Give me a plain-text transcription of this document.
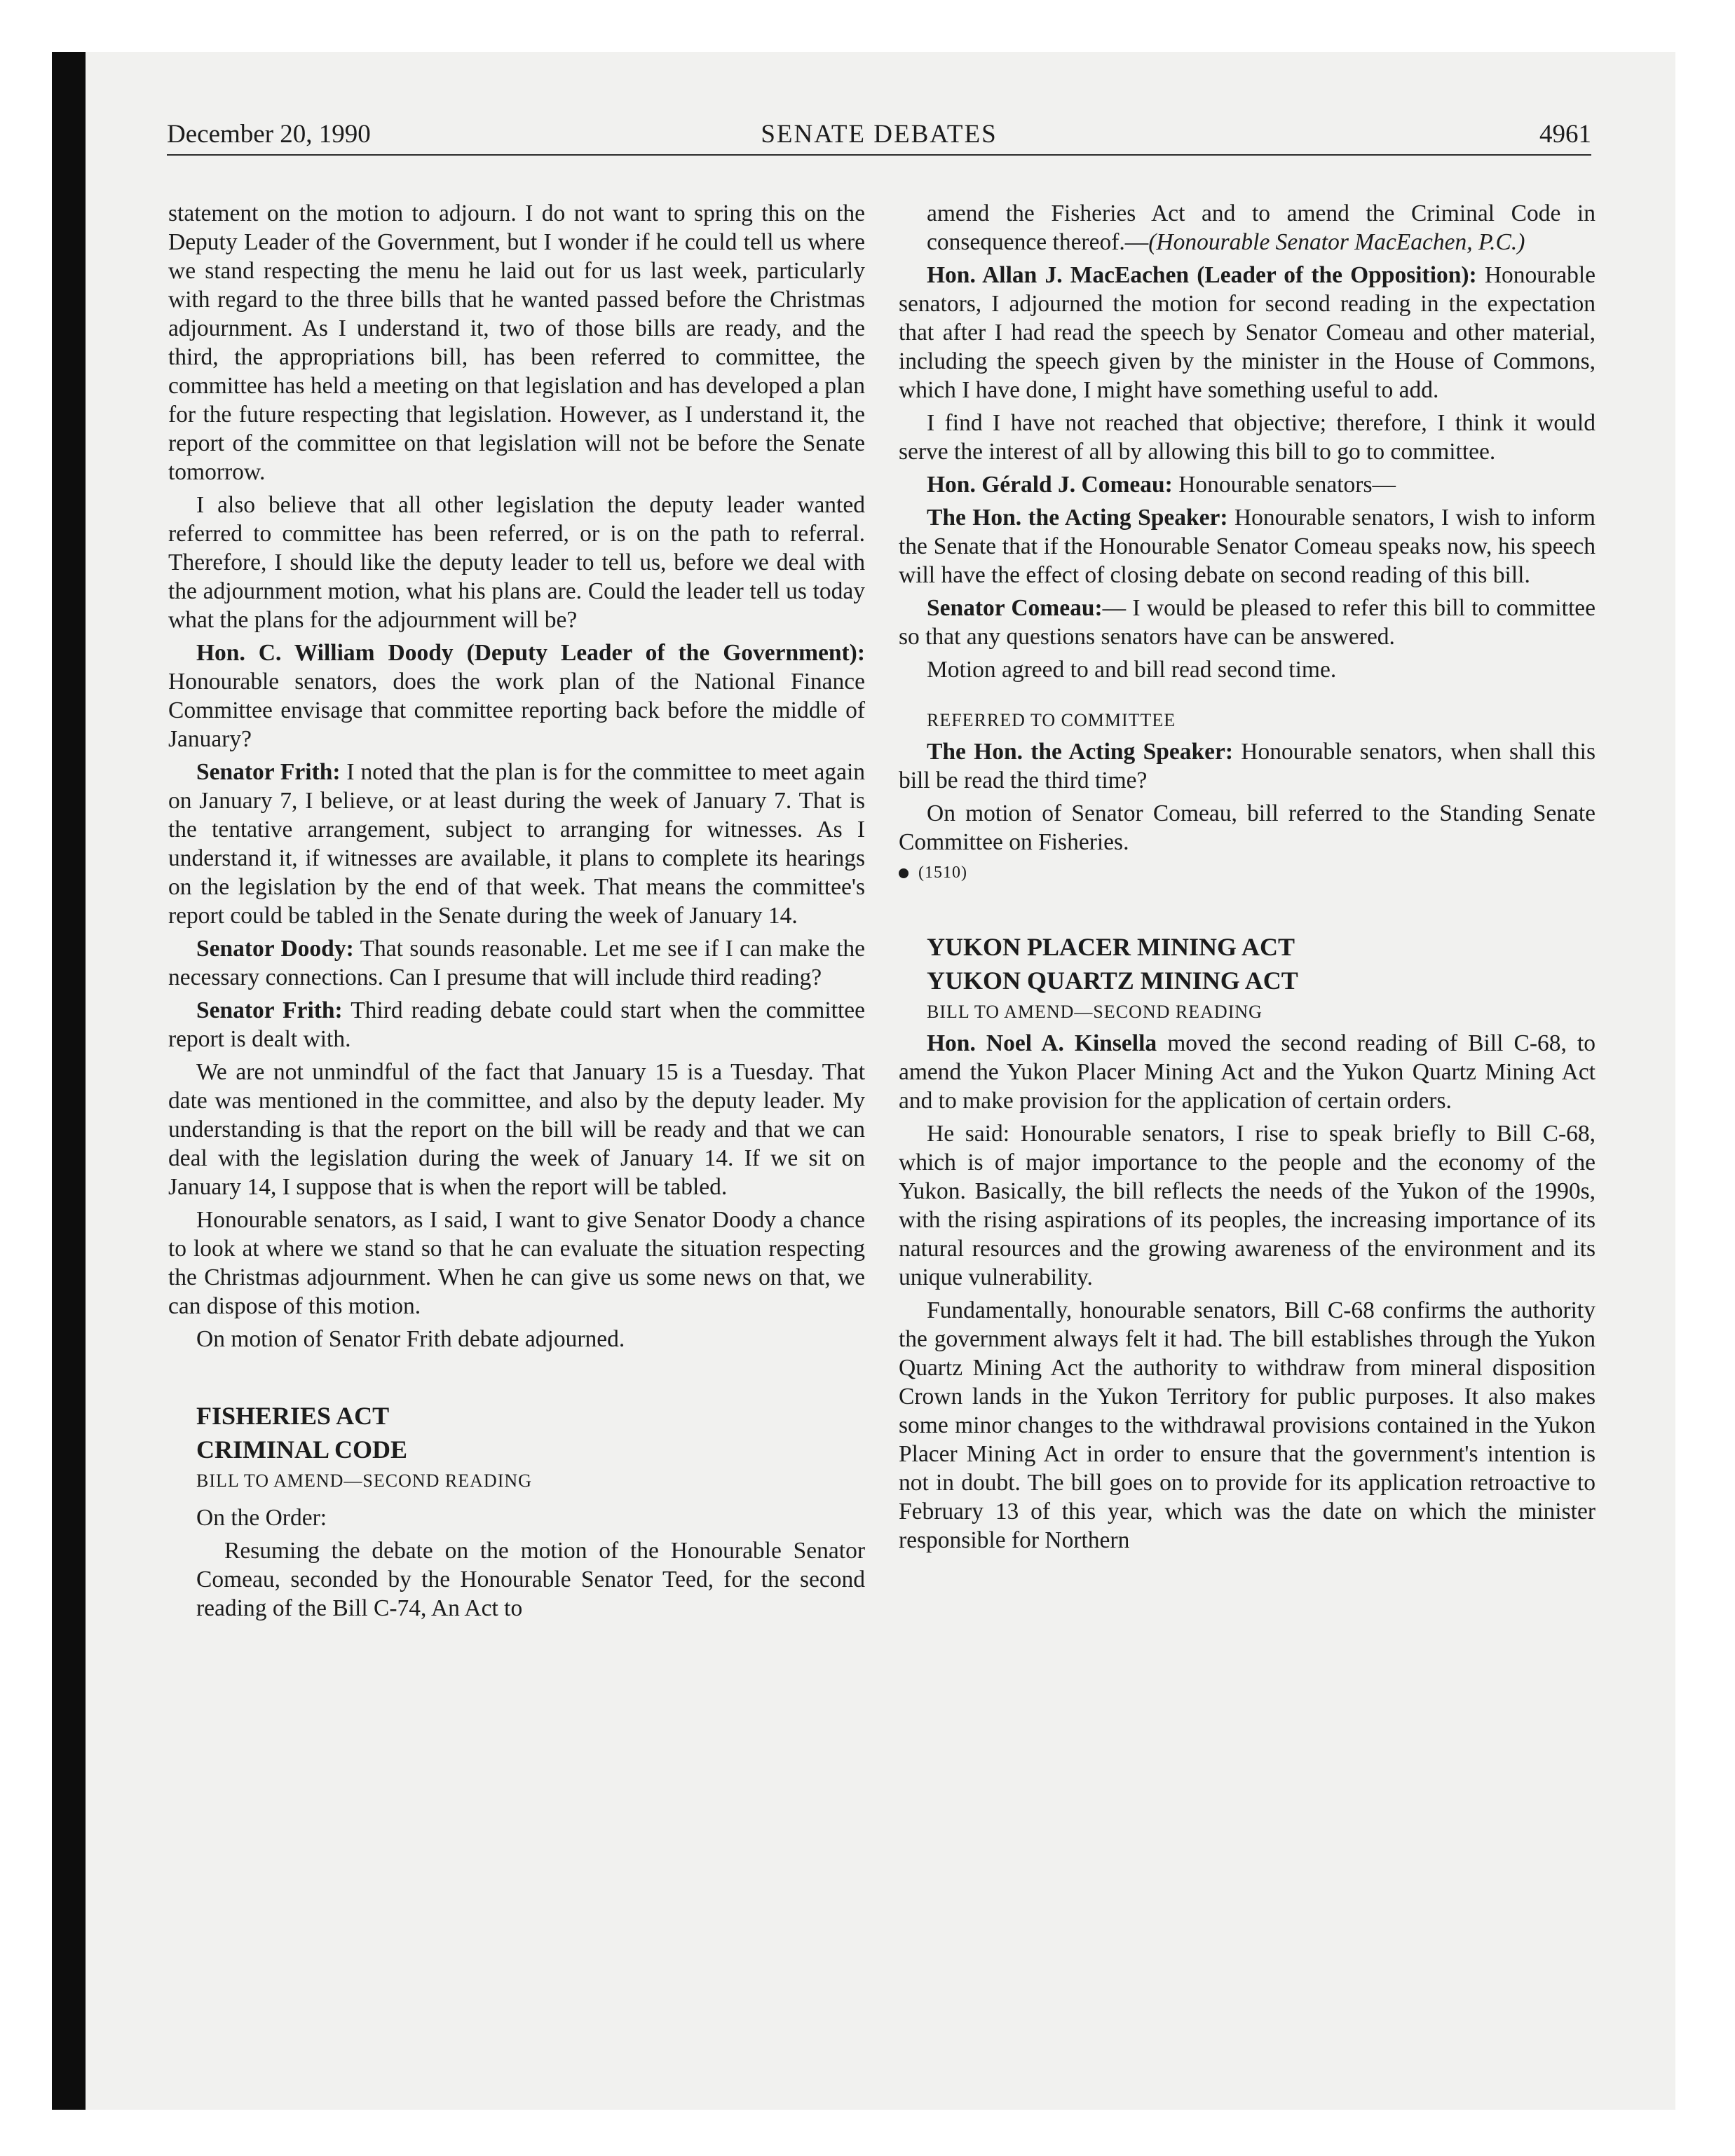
December 20, 1990	SENATE DEBATES	4961

statement on the motion to adjourn. I do not want to spring this on the Deputy Leader of the Government, but I wonder if he could tell us where we stand respecting the menu he laid out for us last week, particularly with regard to the three bills that he wanted passed before the Christmas adjournment. As I understand it, two of those bills are ready, and the third, the appropriations bill, has been referred to committee, the committee has held a meeting on that legislation and has developed a plan for the future respecting that legislation. However, as I understand it, the report of the committee on that legislation will not be before the Senate tomorrow.

I also believe that all other legislation the deputy leader wanted referred to committee has been referred, or is on the path to referral. Therefore, I should like the deputy leader to tell us, before we deal with the adjournment motion, what his plans are. Could the leader tell us today what the plans for the adjournment will be?

Hon. C. William Doody (Deputy Leader of the Government): Honourable senators, does the work plan of the National Finance Committee envisage that committee reporting back before the middle of January?

Senator Frith: I noted that the plan is for the committee to meet again on January 7, I believe, or at least during the week of January 7. That is the tentative arrangement, subject to arranging for witnesses. As I understand it, if witnesses are available, it plans to complete its hearings on the legislation by the end of that week. That means the committee's report could be tabled in the Senate during the week of January 14.

Senator Doody: That sounds reasonable. Let me see if I can make the necessary connections. Can I presume that will include third reading?

Senator Frith: Third reading debate could start when the committee report is dealt with.

We are not unmindful of the fact that January 15 is a Tuesday. That date was mentioned in the committee, and also by the deputy leader. My understanding is that the report on the bill will be ready and that we can deal with the legislation during the week of January 14. If we sit on January 14, I suppose that is when the report will be tabled.

Honourable senators, as I said, I want to give Senator Doody a chance to look at where we stand so that he can evaluate the situation respecting the Christmas adjournment. When he can give us some news on that, we can dispose of this motion.

On motion of Senator Frith debate adjourned.

FISHERIES ACT

CRIMINAL CODE

BILL TO AMEND—SECOND READING

On the Order:

Resuming the debate on the motion of the Honourable Senator Comeau, seconded by the Honourable Senator Teed, for the second reading of the Bill C-74, An Act to

amend the Fisheries Act and to amend the Criminal Code in consequence thereof.—(Honourable Senator MacEachen, P.C.)

Hon. Allan J. MacEachen (Leader of the Opposition): Honourable senators, I adjourned the motion for second reading in the expectation that after I had read the speech by Senator Comeau and other material, including the speech given by the minister in the House of Commons, which I have done, I might have something useful to add.

I find I have not reached that objective; therefore, I think it would serve the interest of all by allowing this bill to go to committee.

Hon. Gérald J. Comeau: Honourable senators—

The Hon. the Acting Speaker: Honourable senators, I wish to inform the Senate that if the Honourable Senator Comeau speaks now, his speech will have the effect of closing debate on second reading of this bill.

Senator Comeau:— I would be pleased to refer this bill to committee so that any questions senators have can be answered.

Motion agreed to and bill read second time.

REFERRED TO COMMITTEE

The Hon. the Acting Speaker: Honourable senators, when shall this bill be read the third time?

On motion of Senator Comeau, bill referred to the Standing Senate Committee on Fisheries.

(1510)

YUKON PLACER MINING ACT

YUKON QUARTZ MINING ACT

BILL TO AMEND—SECOND READING

Hon. Noel A. Kinsella moved the second reading of Bill C-68, to amend the Yukon Placer Mining Act and the Yukon Quartz Mining Act and to make provision for the application of certain orders.

He said: Honourable senators, I rise to speak briefly to Bill C-68, which is of major importance to the people and the economy of the Yukon. Basically, the bill reflects the needs of the Yukon of the 1990s, with the rising aspirations of its peoples, the increasing importance of its natural resources and the growing awareness of the environment and its unique vulnerability.

Fundamentally, honourable senators, Bill C-68 confirms the authority the government always felt it had. The bill establishes through the Yukon Quartz Mining Act the authority to withdraw from mineral disposition Crown lands in the Yukon Territory for public purposes. It also makes some minor changes to the withdrawal provisions contained in the Yukon Placer Mining Act in order to ensure that the government's intention is not in doubt. The bill goes on to provide for its application retroactive to February 13 of this year, which was the date on which the minister responsible for Northern
